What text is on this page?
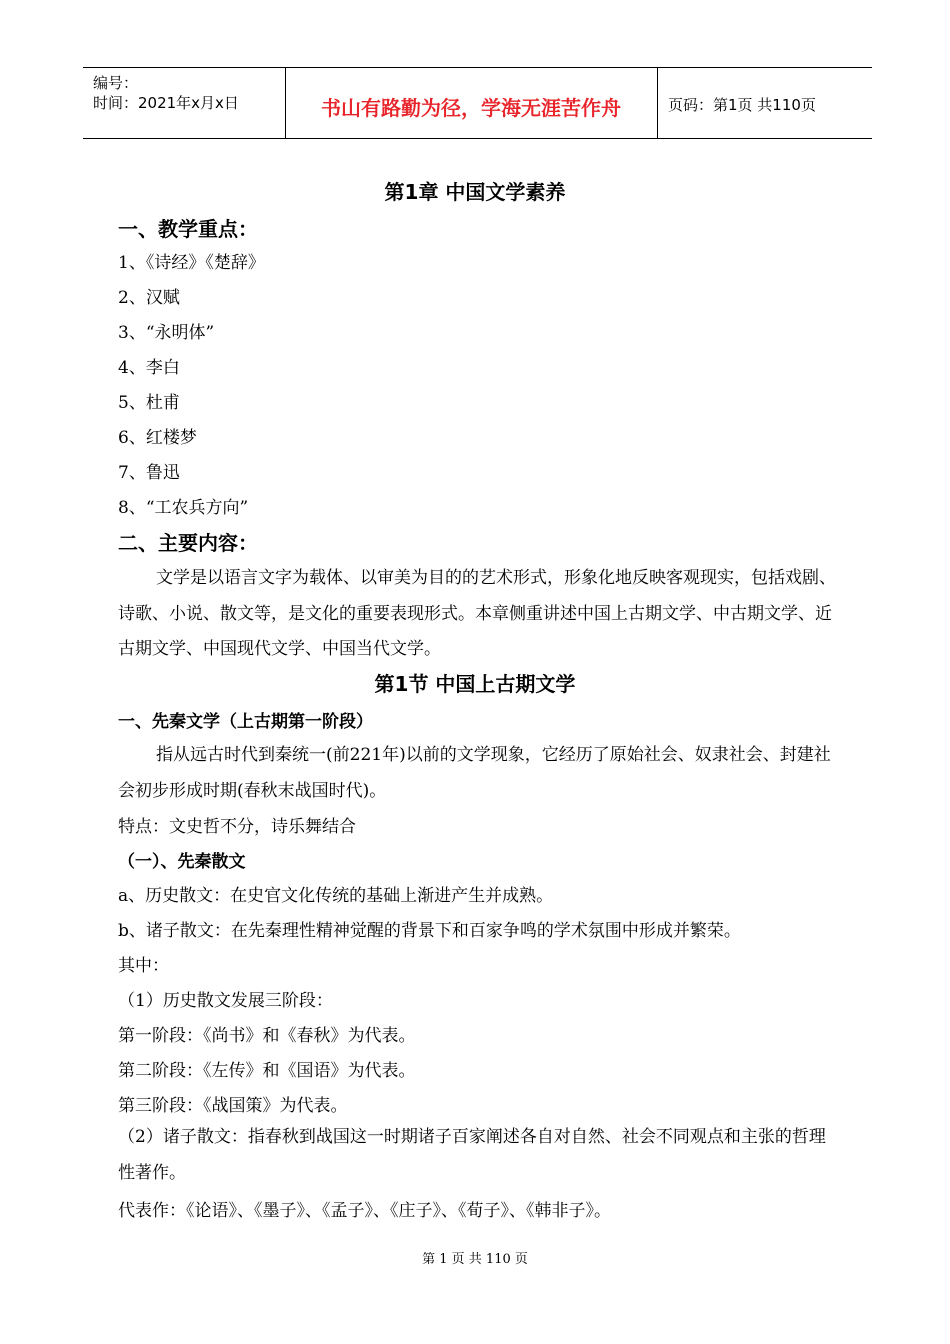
编号：
时间：2021年x月x日	书山有路勤为径，学海无涯苦作舟	页码：第1页 共110页
第1章 中国文学素养
一、教学重点：
1、《诗经》《楚辞》
2、汉赋
3、“永明体”
4、李白
5、杜甫
6、红楼梦
7、鲁迅
8、“工农兵方向”
二、主要内容：
文学是以语言文字为载体、以审美为目的的艺术形式，形象化地反映客观现实，包括戏剧、诗歌、小说、散文等，是文化的重要表现形式。本章侧重讲述中国上古期文学、中古期文学、近古期文学、中国现代文学、中国当代文学。
第1节 中国上古期文学
一、先秦文学（上古期第一阶段）
指从远古时代到秦统一(前221年)以前的文学现象，它经历了原始社会、奴隶社会、封建社会初步形成时期(春秋末战国时代)。
特点：文史哲不分，诗乐舞结合
（一）、先秦散文
a、历史散文：在史官文化传统的基础上渐进产生并成熟。
b、诸子散文：在先秦理性精神觉醒的背景下和百家争鸣的学术氛围中形成并繁荣。
其中：
（1）历史散文发展三阶段：
第一阶段：《尚书》和《春秋》为代表。
第二阶段：《左传》和《国语》为代表。
第三阶段：《战国策》为代表。
（2）诸子散文：指春秋到战国这一时期诸子百家阐述各自对自然、社会不同观点和主张的哲理性著作。
代表作：《论语》、《墨子》、《孟子》、《庄子》、《荀子》、《韩非子》。
第 1 页 共 110 页
